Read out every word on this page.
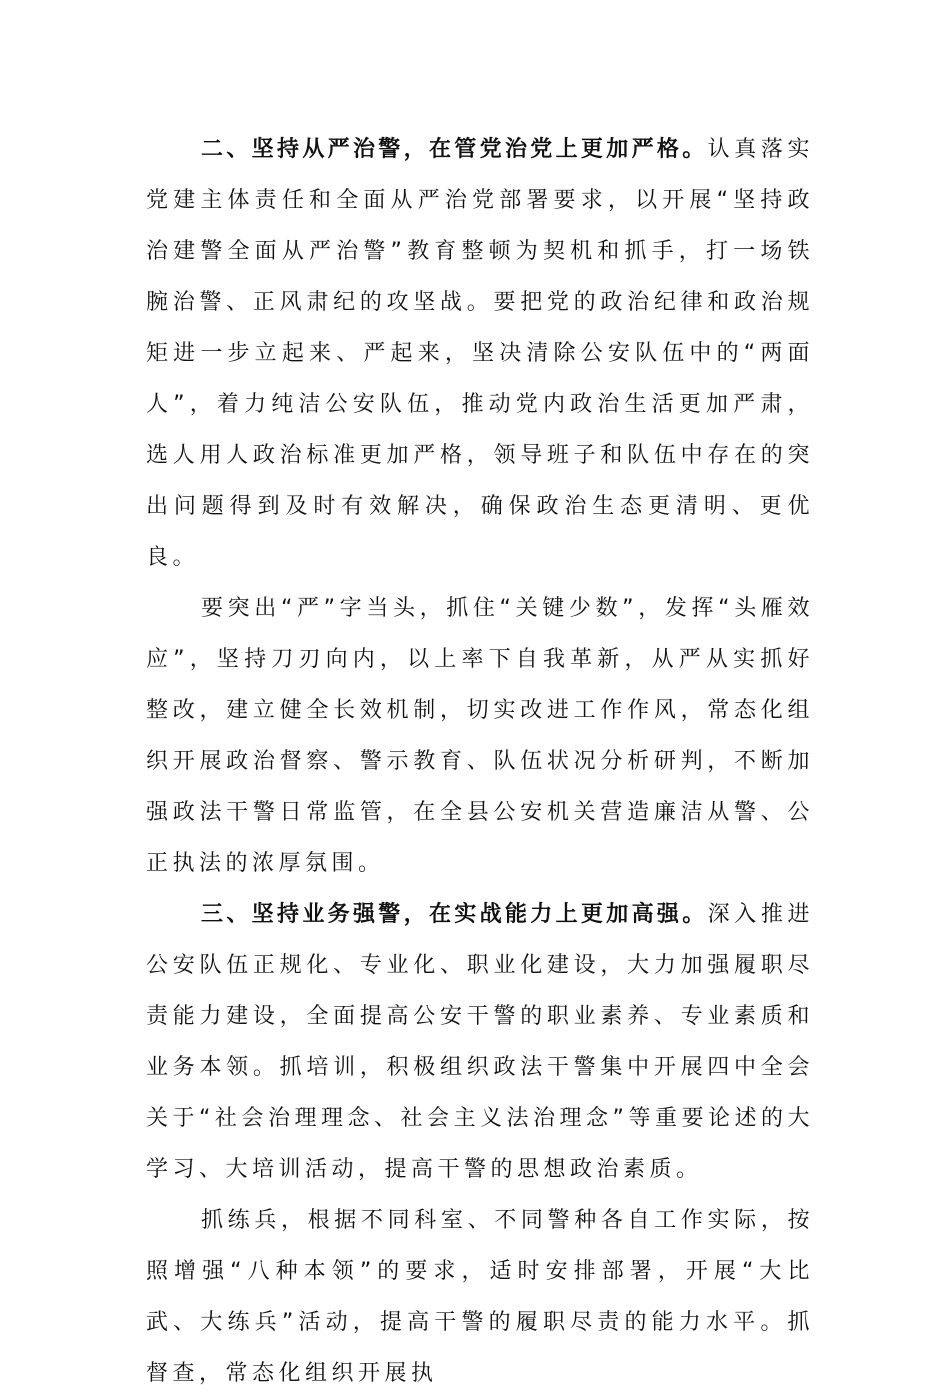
二、坚持从严治警，在管党治党上更加严格。认真落实党建主体责任和全面从严治党部署要求，以开展“坚持政治建警全面从严治警”教育整顿为契机和抓手，打一场铁腕治警、正风肃纪的攻坚战。要把党的政治纪律和政治规矩进一步立起来、严起来，坚决清除公安队伍中的“两面人”，着力纯洁公安队伍，推动党内政治生活更加严肃，选人用人政治标准更加严格，领导班子和队伍中存在的突出问题得到及时有效解决，确保政治生态更清明、更优良。

要突出“严”字当头，抓住“关键少数”，发挥“头雁效应”，坚持刀刃向内，以上率下自我革新，从严从实抓好整改，建立健全长效机制，切实改进工作作风，常态化组织开展政治督察、警示教育、队伍状况分析研判，不断加强政法干警日常监管，在全县公安机关营造廉洁从警、公正执法的浓厚氛围。

三、坚持业务强警，在实战能力上更加高强。深入推进公安队伍正规化、专业化、职业化建设，大力加强履职尽责能力建设，全面提高公安干警的职业素养、专业素质和业务本领。抓培训，积极组织政法干警集中开展四中全会关于“社会治理理念、社会主义法治理念”等重要论述的大学习、大培训活动，提高干警的思想政治素质。

抓练兵，根据不同科室、不同警种各自工作实际，按照增强“八种本领”的要求，适时安排部署，开展“大比武、大练兵”活动，提高干警的履职尽责的能力水平。抓督查，常态化组织开展执
